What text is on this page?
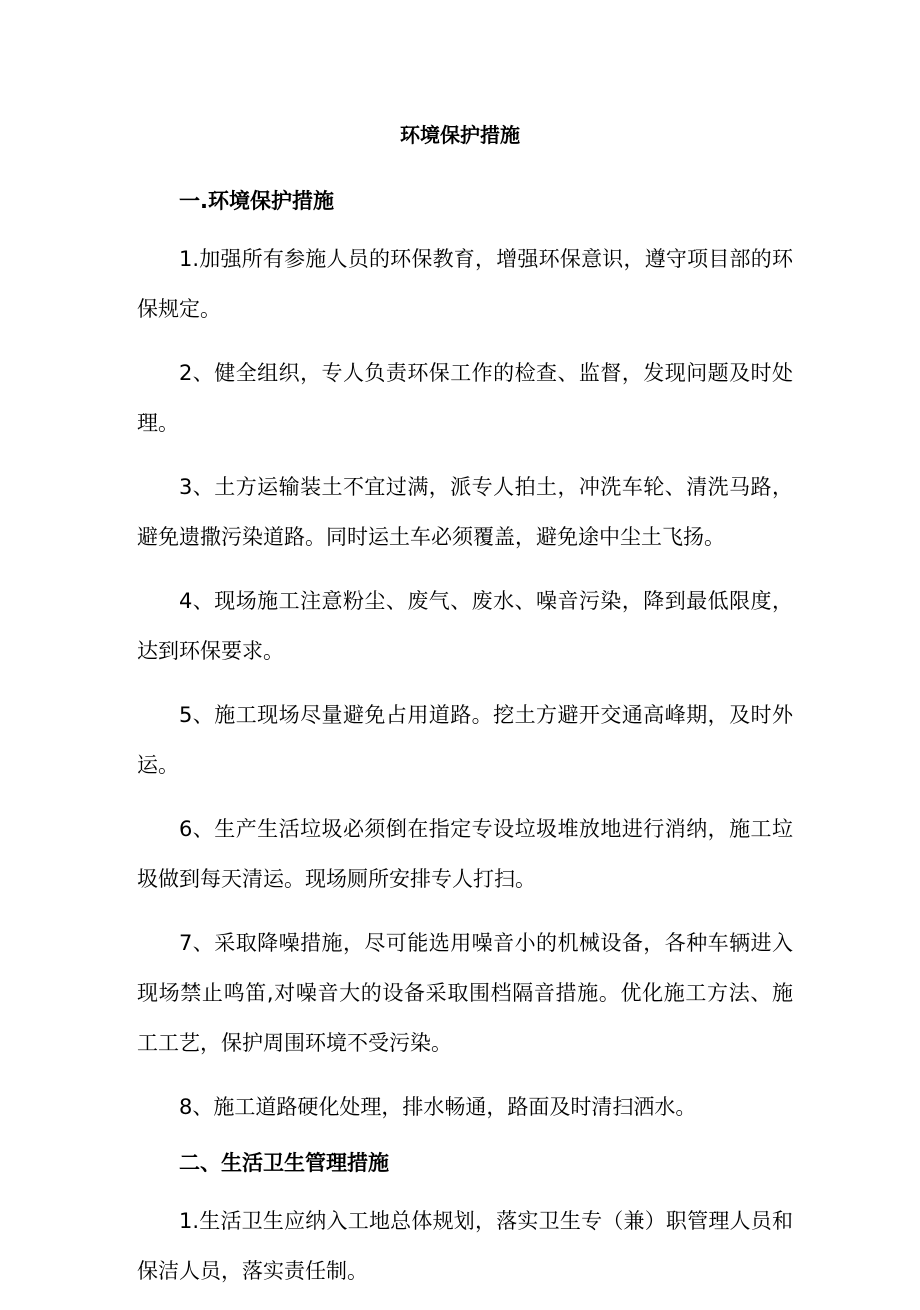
环境保护措施
一.环境保护措施

1.加强所有参施人员的环保教育，增强环保意识，遵守项目部的环保规定。

2、健全组织，专人负责环保工作的检查、监督，发现问题及时处理。

3、土方运输装土不宜过满，派专人拍土，冲洗车轮、清洗马路，避免遗撒污染道路。同时运土车必须覆盖，避免途中尘土飞扬。

4、现场施工注意粉尘、废气、废水、噪音污染，降到最低限度，达到环保要求。

5、施工现场尽量避免占用道路。挖土方避开交通高峰期，及时外运。

6、生产生活垃圾必须倒在指定专设垃圾堆放地进行消纳，施工垃圾做到每天清运。现场厕所安排专人打扫。

7、采取降噪措施，尽可能选用噪音小的机械设备，各种车辆进入现场禁止鸣笛,对噪音大的设备采取围档隔音措施。优化施工方法、施工工艺，保护周围环境不受污染。

8、施工道路硬化处理，排水畅通，路面及时清扫洒水。

二、生活卫生管理措施

1.生活卫生应纳入工地总体规划，落实卫生专（兼）职管理人员和保洁人员，落实责任制。
